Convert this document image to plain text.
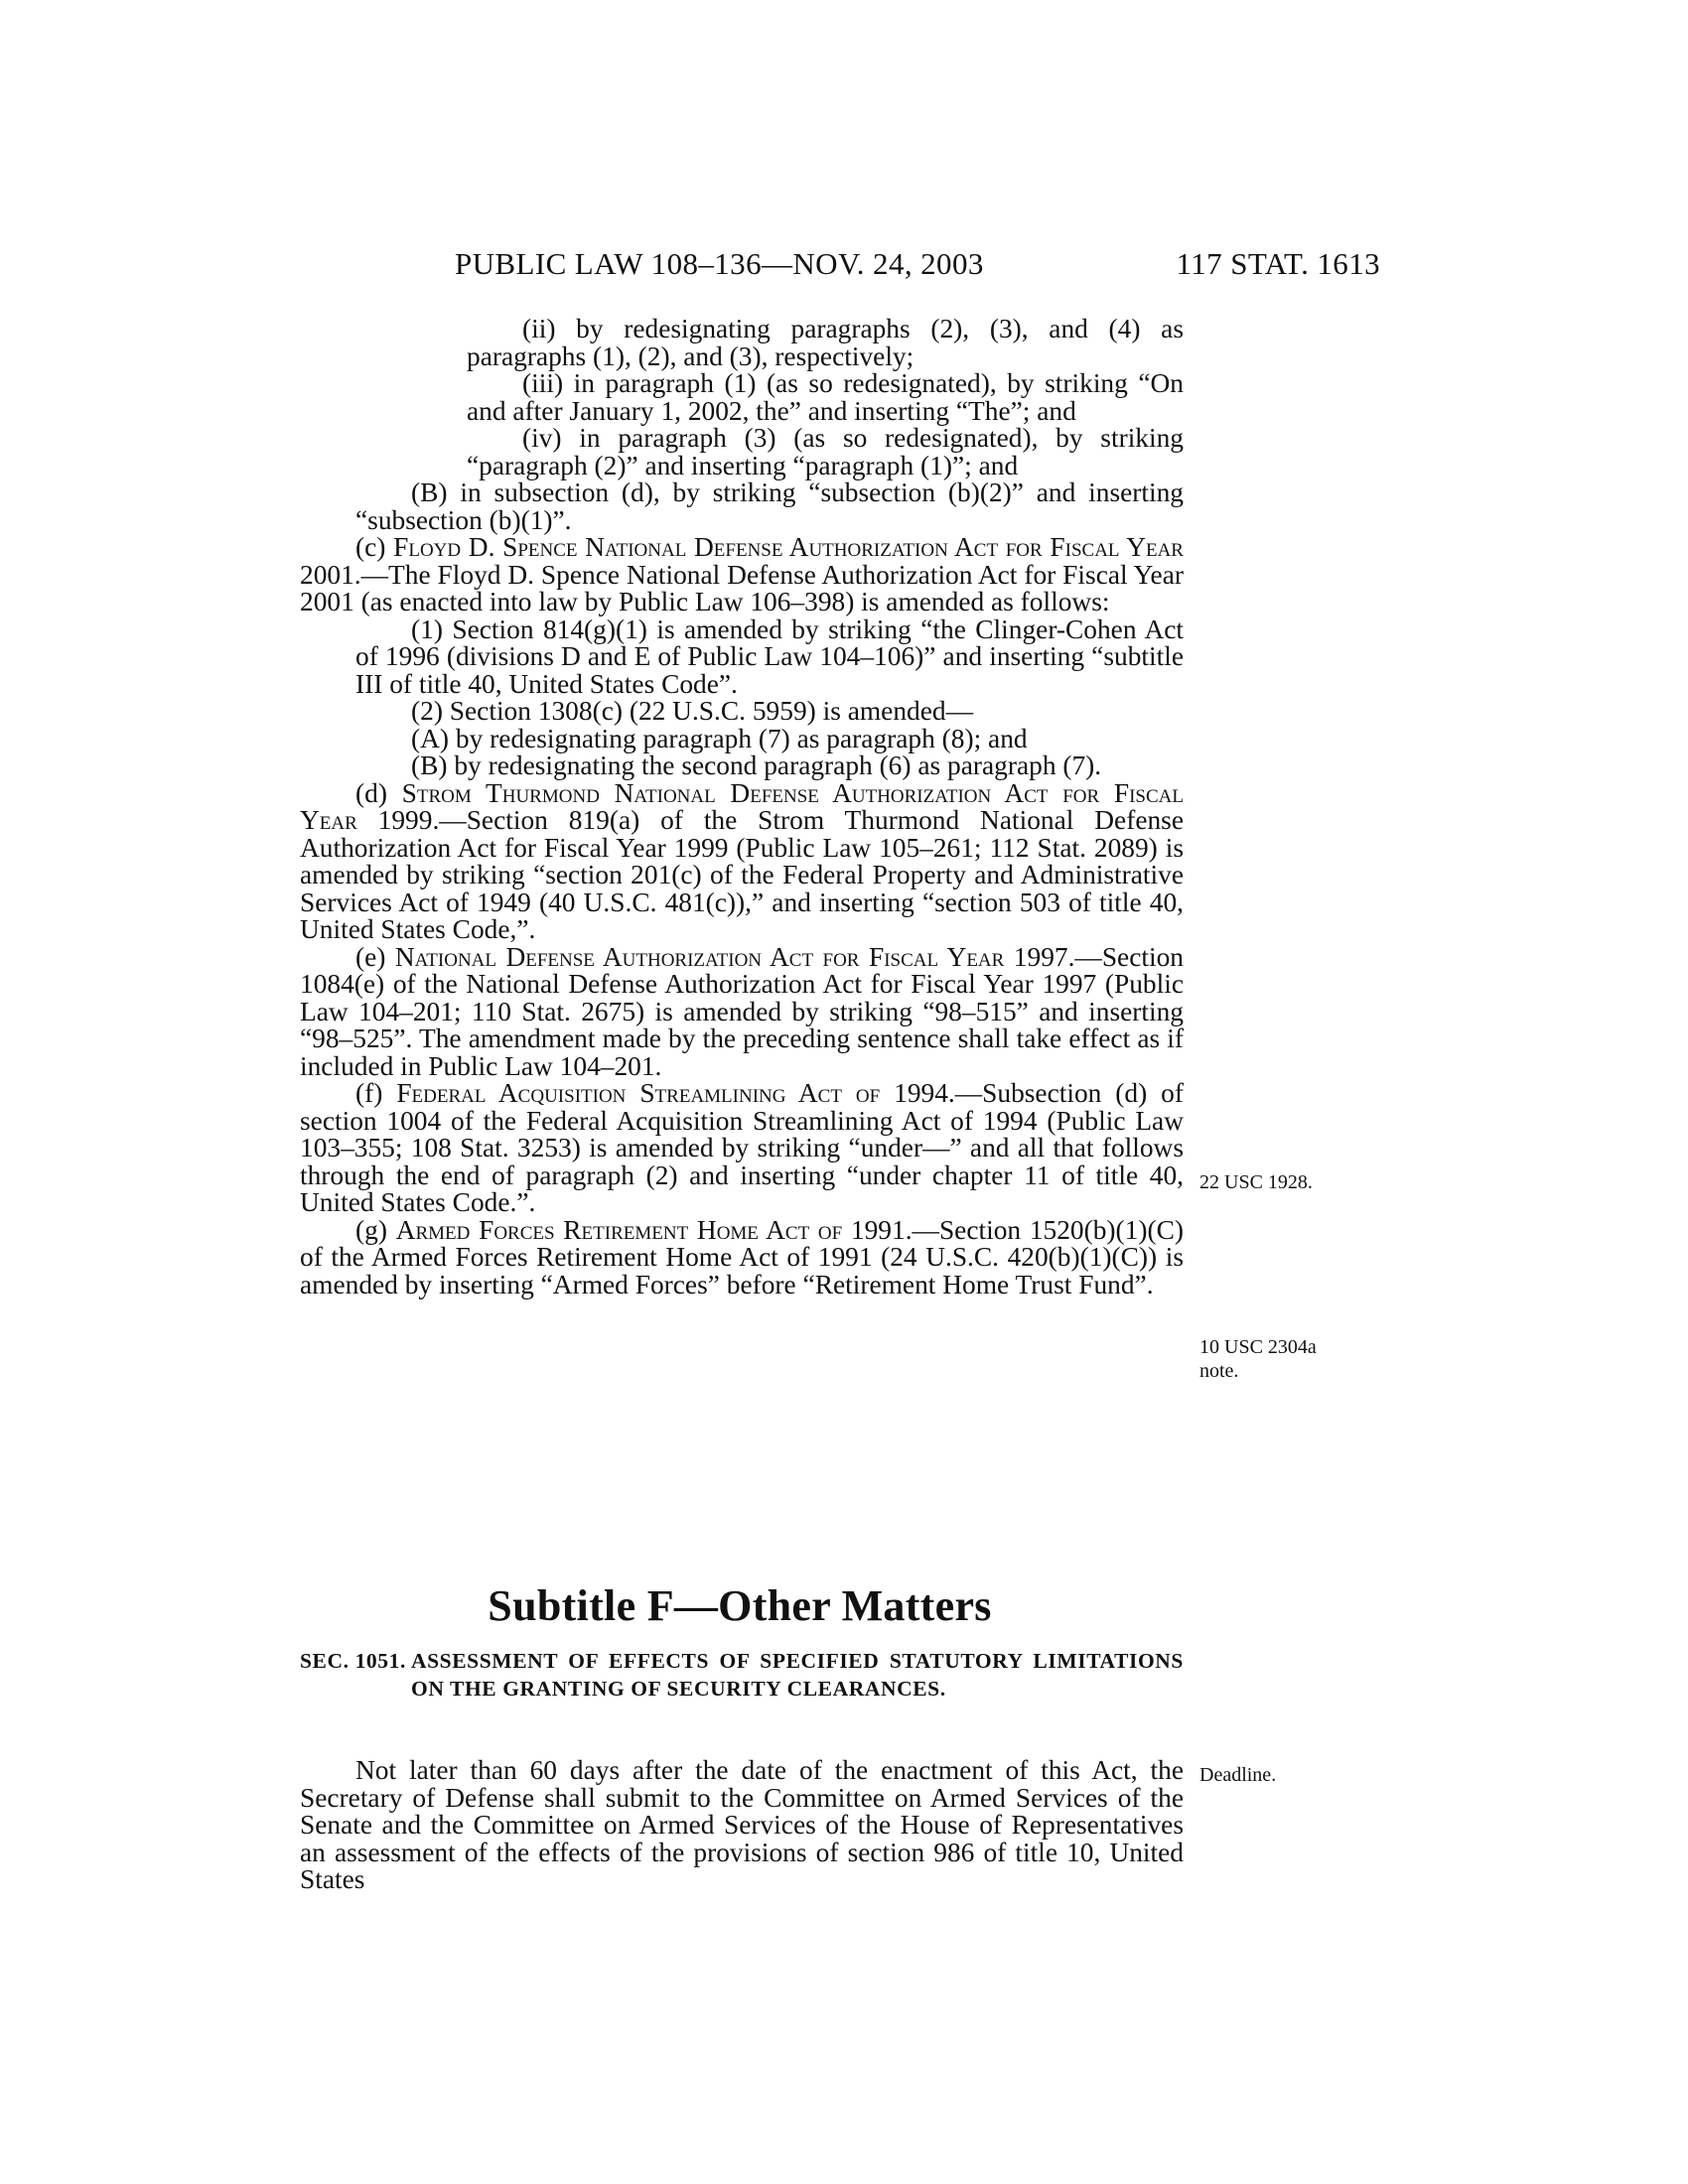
PUBLIC LAW 108–136—NOV. 24, 2003	117 STAT. 1613

(ii) by redesignating paragraphs (2), (3), and (4) as paragraphs (1), (2), and (3), respectively;

(iii) in paragraph (1) (as so redesignated), by striking “On and after January 1, 2002, the” and inserting “The”; and

(iv) in paragraph (3) (as so redesignated), by striking “paragraph (2)” and inserting “paragraph (1)”; and

(B) in subsection (d), by striking “subsection (b)(2)” and inserting “subsection (b)(1)”.

(c) Floyd D. Spence National Defense Authorization Act for Fiscal Year 2001.—The Floyd D. Spence National Defense Authorization Act for Fiscal Year 2001 (as enacted into law by Public Law 106–398) is amended as follows:

(1) Section 814(g)(1) is amended by striking “the Clinger-Cohen Act of 1996 (divisions D and E of Public Law 104–106)” and inserting “subtitle III of title 40, United States Code”.

(2) Section 1308(c) (22 U.S.C. 5959) is amended—

(A) by redesignating paragraph (7) as paragraph (8); and

(B) by redesignating the second paragraph (6) as paragraph (7).

(d) Strom Thurmond National Defense Authorization Act for Fiscal Year 1999.—Section 819(a) of the Strom Thurmond National Defense Authorization Act for Fiscal Year 1999 (Public Law 105–261; 112 Stat. 2089) is amended by striking “section 201(c) of the Federal Property and Administrative Services Act of 1949 (40 U.S.C. 481(c)),” and inserting “section 503 of title 40, United States Code,”.

(e) National Defense Authorization Act for Fiscal Year 1997.—Section 1084(e) of the National Defense Authorization Act for Fiscal Year 1997 (Public Law 104–201; 110 Stat. 2675) is amended by striking “98–515” and inserting “98–525”. The amendment made by the preceding sentence shall take effect as if included in Public Law 104–201.

(f) Federal Acquisition Streamlining Act of 1994.—Subsection (d) of section 1004 of the Federal Acquisition Streamlining Act of 1994 (Public Law 103–355; 108 Stat. 3253) is amended by striking “under—” and all that follows through the end of paragraph (2) and inserting “under chapter 11 of title 40, United States Code.”.

(g) Armed Forces Retirement Home Act of 1991.—Section 1520(b)(1)(C) of the Armed Forces Retirement Home Act of 1991 (24 U.S.C. 420(b)(1)(C)) is amended by inserting “Armed Forces” before “Retirement Home Trust Fund”.

Subtitle F—Other Matters
SEC. 1051. ASSESSMENT OF EFFECTS OF SPECIFIED STATUTORY LIMITATIONS ON THE GRANTING OF SECURITY CLEARANCES.

Not later than 60 days after the date of the enactment of this Act, the Secretary of Defense shall submit to the Committee on Armed Services of the Senate and the Committee on Armed Services of the House of Representatives an assessment of the effects of the provisions of section 986 of title 10, United States

22 USC 1928.
10 USC 2304a
note.
Deadline.
